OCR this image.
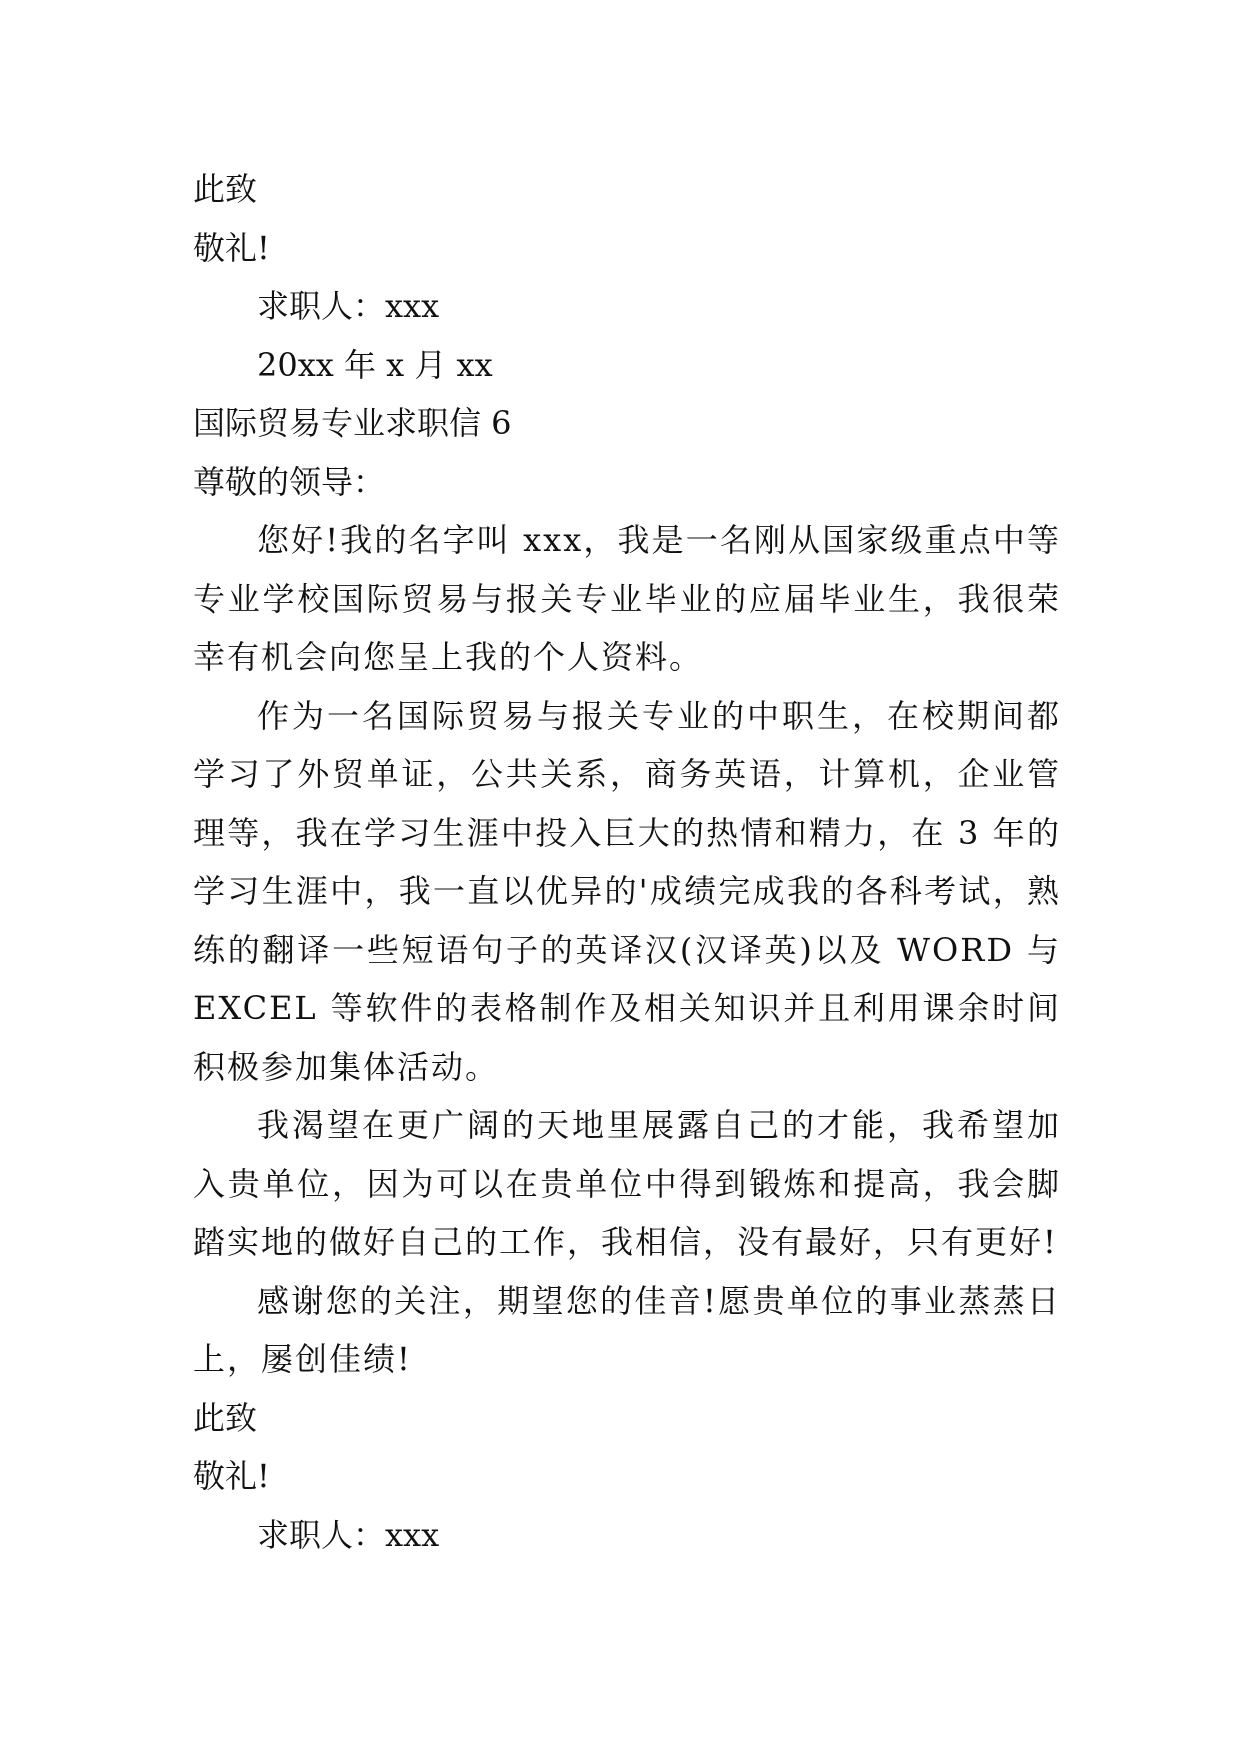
此致
敬礼!
求职人：xxx
20xx 年 x 月 xx
国际贸易专业求职信 6
尊敬的领导：

您好!我的名字叫 xxx，我是一名刚从国家级重点中等专业学校国际贸易与报关专业毕业的应届毕业生，我很荣幸有机会向您呈上我的个人资料。

作为一名国际贸易与报关专业的中职生，在校期间都学习了外贸单证，公共关系，商务英语，计算机，企业管理等，我在学习生涯中投入巨大的热情和精力，在 3 年的学习生涯中，我一直以优异的'成绩完成我的各科考试，熟练的翻译一些短语句子的英译汉(汉译英)以及 WORD 与 EXCEL 等软件的表格制作及相关知识并且利用课余时间积极参加集体活动。

我渴望在更广阔的天地里展露自己的才能，我希望加入贵单位，因为可以在贵单位中得到锻炼和提高，我会脚踏实地的做好自己的工作，我相信，没有最好，只有更好!

感谢您的关注，期望您的佳音!愿贵单位的事业蒸蒸日上，屡创佳绩!

此致
敬礼!
求职人：xxx
